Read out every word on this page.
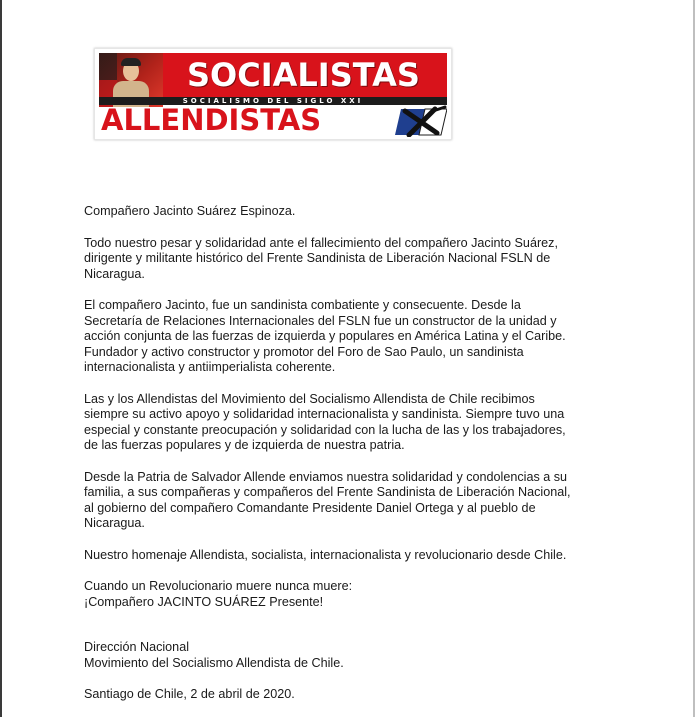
SOCIALISTAS
SOCIALISMO DEL SIGLO XXI
ALLENDISTAS

Compañero Jacinto Suárez Espinoza.

Todo nuestro pesar y solidaridad ante el fallecimiento del compañero Jacinto Suárez,

dirigente y militante histórico del Frente Sandinista de Liberación Nacional FSLN de

Nicaragua.

El compañero Jacinto, fue un sandinista combatiente y consecuente. Desde la

Secretaría de Relaciones Internacionales del FSLN fue un constructor de la unidad y

acción conjunta de las fuerzas de izquierda y populares en América Latina y el Caribe.

Fundador y activo constructor y promotor del Foro de Sao Paulo, un sandinista

internacionalista y antiimperialista coherente.

Las y los Allendistas del Movimiento del Socialismo Allendista de Chile recibimos

siempre su activo apoyo y solidaridad internacionalista y sandinista. Siempre tuvo una

especial y constante preocupación y solidaridad con la lucha de las y los trabajadores,

de las fuerzas populares y de izquierda de nuestra patria.

Desde la Patria de Salvador Allende enviamos nuestra solidaridad y condolencias a su

familia, a sus compañeras y compañeros del Frente Sandinista de Liberación Nacional,

al gobierno del compañero Comandante Presidente Daniel Ortega y al pueblo de

Nicaragua.

Nuestro homenaje Allendista, socialista, internacionalista y revolucionario desde Chile.

Cuando un Revolucionario muere nunca muere:

¡Compañero JACINTO SUÁREZ Presente!

Dirección Nacional

Movimiento del Socialismo Allendista de Chile.

Santiago de Chile, 2 de abril de 2020.
